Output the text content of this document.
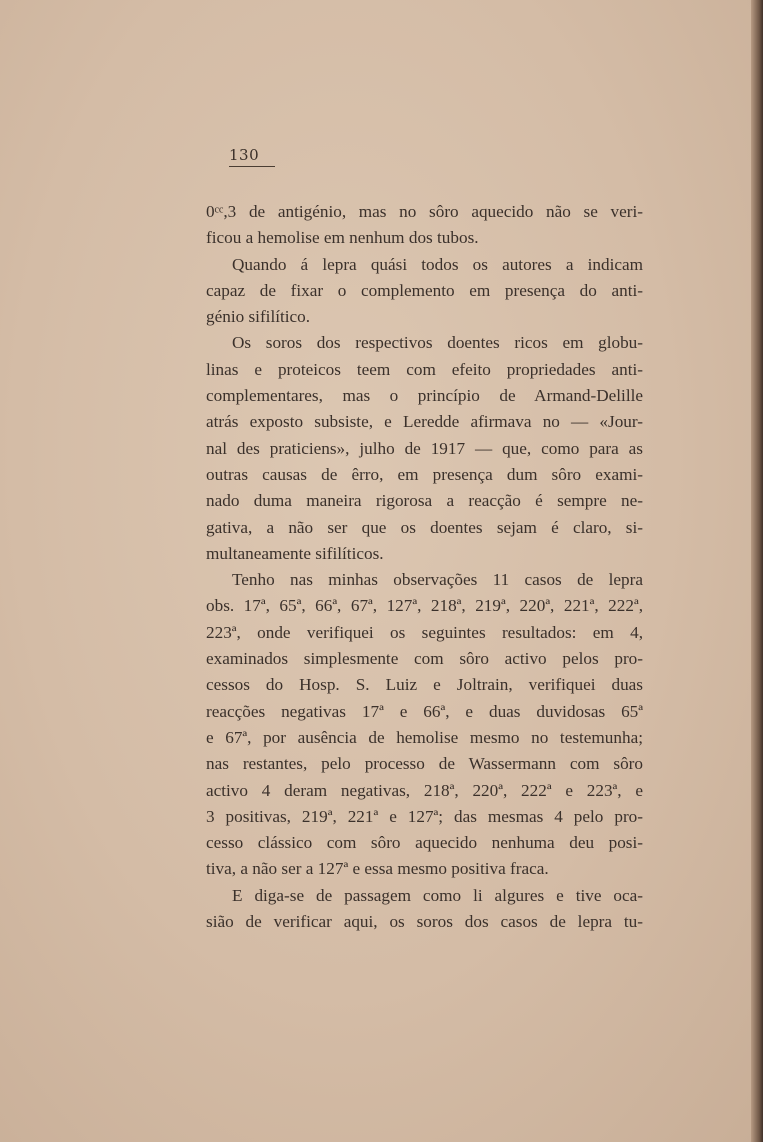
130
0ᶜᶜ,3 de antigénio, mas no sôro aquecido não se veri-
ficou a hemolise em nenhum dos tubos.
Quando á lepra quási todos os autores a indicam
capaz de fixar o complemento em presença do anti-
génio sifilítico.
Os soros dos respectivos doentes ricos em globu-
linas e proteicos teem com efeito propriedades anti-
complementares, mas o princípio de Armand-Delille
atrás exposto subsiste, e Leredde afirmava no — «Jour-
nal des praticiens», julho de 1917 — que, como para as
outras causas de êrro, em presença dum sôro exami-
nado duma maneira rigorosa a reacção é sempre ne-
gativa, a não ser que os doentes sejam é claro, si-
multaneamente sifilíticos.
Tenho nas minhas observações 11 casos de lepra
obs. 17ª, 65ª, 66ª, 67ª, 127ª, 218ª, 219ª, 220ª, 221ª, 222ª,
223ª, onde verifiquei os seguintes resultados: em 4,
examinados simplesmente com sôro activo pelos pro-
cessos do Hosp. S. Luiz e Joltrain, verifiquei duas
reacções negativas 17ª e 66ª, e duas duvidosas 65ª
e 67ª, por ausência de hemolise mesmo no testemunha;
nas restantes, pelo processo de Wassermann com sôro
activo 4 deram negativas, 218ª, 220ª, 222ª e 223ª, e
3 positivas, 219ª, 221ª e 127ª; das mesmas 4 pelo pro-
cesso clássico com sôro aquecido nenhuma deu posi-
tiva, a não ser a 127ª e essa mesmo positiva fraca.
E diga-se de passagem como li algures e tive oca-
sião de verificar aqui, os soros dos casos de lepra tu-
